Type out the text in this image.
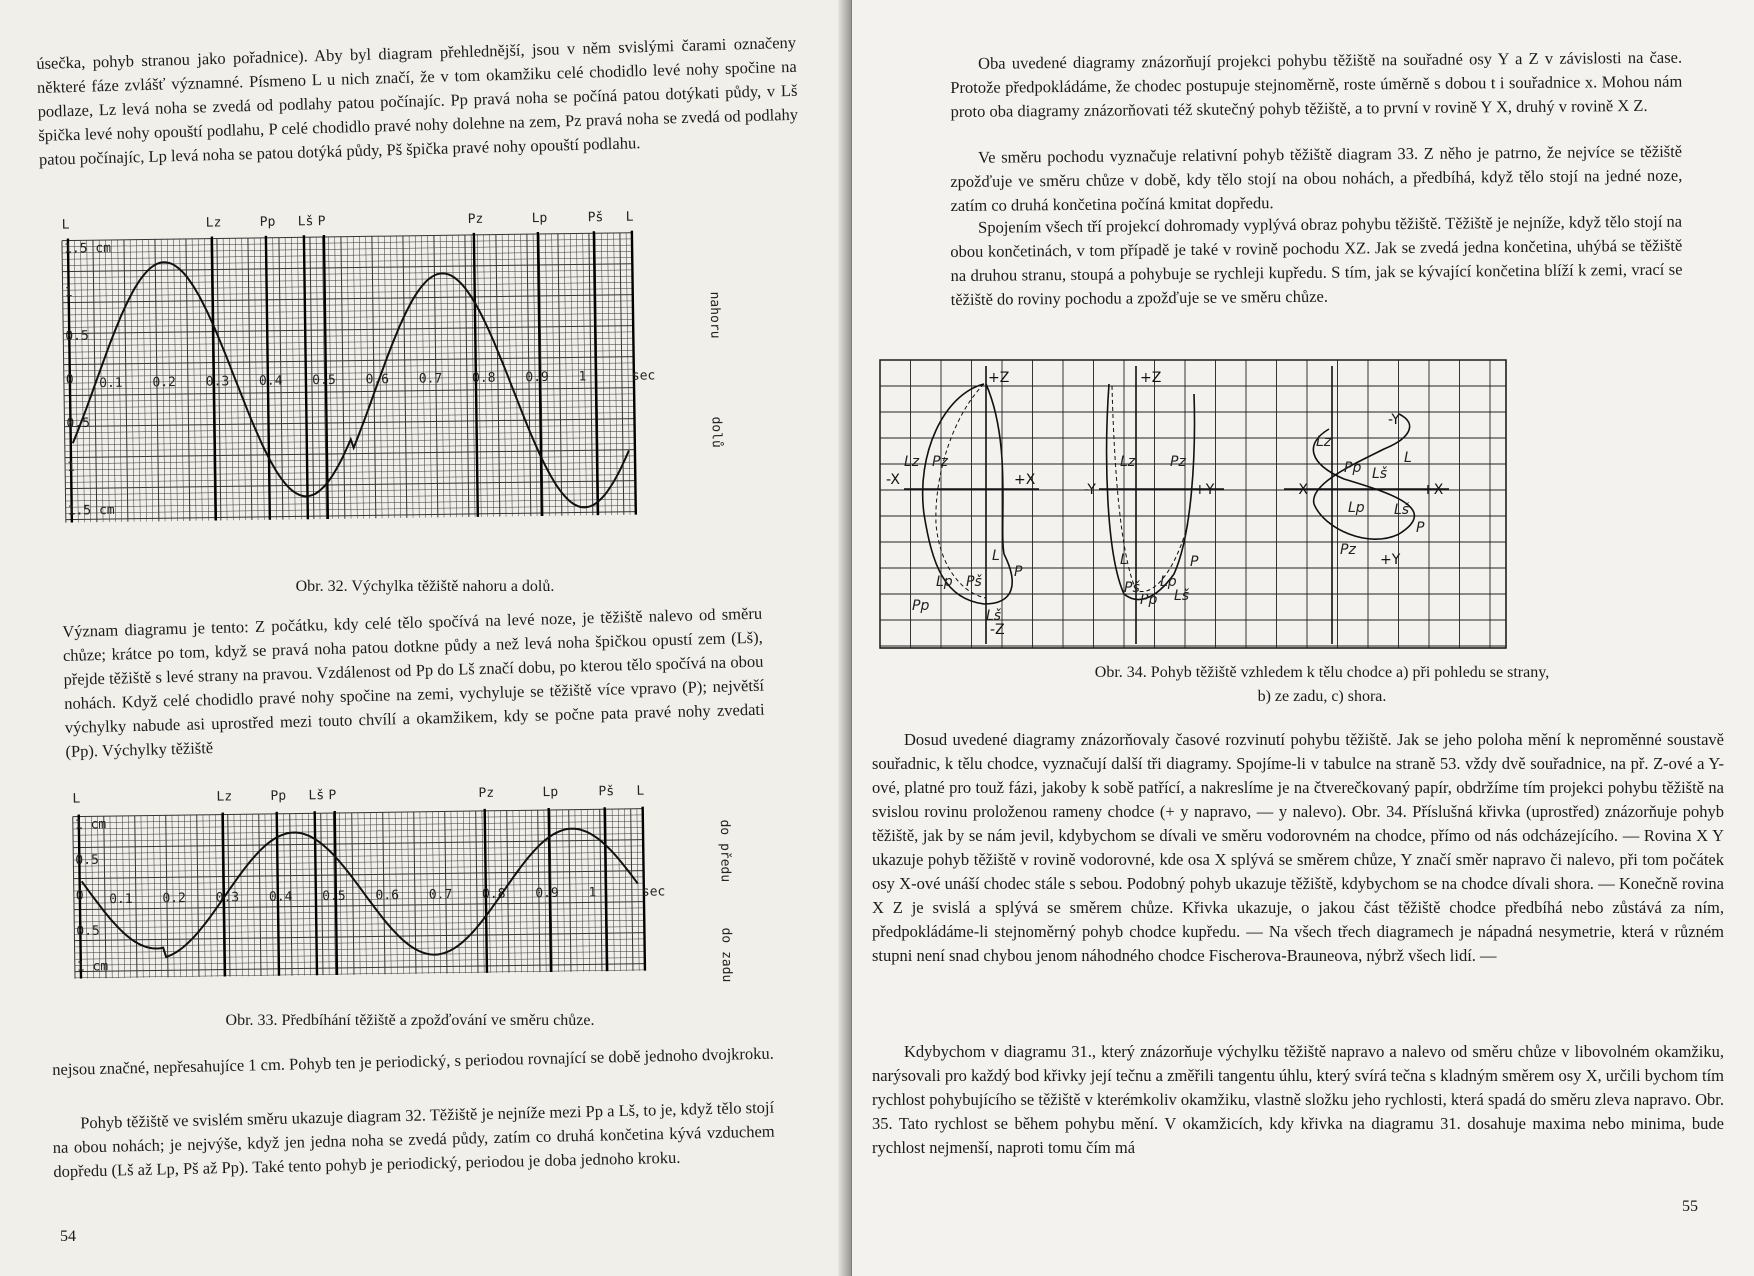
úsečka, pohyb stranou jako pořadnice). Aby byl diagram přehlednější, jsou v něm svislými čarami označeny některé fáze zvlášť významné. Písmeno L u nich značí, že v tom okamžiku celé chodidlo levé nohy spočine na podlaze, Lz levá noha se zvedá od podlahy patou počínajíc. Pp pravá noha se počíná patou dotýkati půdy, v Lš špička levé nohy opouští podlahu, P celé chodidlo pravé nohy dolehne na zem, Pz pravá noha se zvedá od podlahy patou počínajíc, Lp levá noha se patou dotýká půdy, Pš špička pravé nohy opouští podlahu.
L	Lz	Pp Lš P	Pz	Lp	Pš L
0.1 0.2 0.3 0.4 0.5 0.6 0.7 0.8 0.9 1	sec
1.5 cm
1
0.5
0
0.5
1
1.5 cm
nahoru
dolů
Obr. 32. Výchylka těžiště nahoru a dolů.
Význam diagramu je tento: Z počátku, kdy celé tělo spočívá na levé noze, je těžiště nalevo od směru chůze; krátce po tom, když se pravá noha patou dotkne půdy a než levá noha špičkou opustí zem (Lš), přejde těžiště s levé strany na pravou. Vzdálenost od Pp do Lš značí dobu, po kterou tělo spočívá na obou nohách. Když celé chodidlo pravé nohy spočine na zemi, vychyluje se těžiště více vpravo (P); největší výchylky nabude asi uprostřed mezi touto chvílí a okamžikem, kdy se počne pata pravé nohy zvedati (Pp). Výchylky těžiště
L	Lz	Pp Lš P	Pz	Lp	Pš L
0.1 0.2 0.3 0.4 0.5 0.6 0.7 0.8 0.9 1	sec
1 cm
0.5
0
0.5
1 cm
do předu
do zadu
Obr. 33. Předbíhání těžiště a zpožďování ve směru chůze.
nejsou značné, nepřesahujíce 1 cm. Pohyb ten je periodický, s periodou rovnající se době jednoho dvojkroku.
Pohyb těžiště ve svislém směru ukazuje diagram 32. Těžiště je nejníže mezi Pp a Lš, to je, když tělo stojí na obou nohách; je nejvýše, když jen jedna noha se zvedá půdy, zatím co druhá končetina kývá vzduchem dopředu (Lš až Lp, Pš až Pp). Také tento pohyb je periodický, periodou je doba jednoho kroku.
54
Oba uvedené diagramy znázorňují projekci pohybu těžiště na souřadné osy Y a Z v závislosti na čase. Protože předpokládáme, že chodec postupuje stejnoměrně, roste úměrně s dobou t i souřadnice x. Mohou nám proto oba diagramy znázorňovati též skutečný pohyb těžiště, a to první v rovině Y X, druhý v rovině X Z.
Ve směru pochodu vyznačuje relativní pohyb těžiště diagram 33. Z něho je patrno, že nejvíce se těžiště zpožďuje ve směru chůze v době, kdy tělo stojí na obou nohách, a předbíhá, když tělo stojí na jedné noze, zatím co druhá končetina počíná kmitat dopředu.
Spojením všech tří projekcí dohromady vyplývá obraz pohybu těžiště. Těžiště je nejníže, když tělo stojí na obou končetinách, v tom případě je také v rovině pochodu XZ. Jak se zvedá jedna končetina, uhýbá se těžiště na druhou stranu, stoupá a pohybuje se rychleji kupředu. S tím, jak se kývající končetina blíží k zemi, vrací se těžiště do roviny pochodu a zpožďuje se ve směru chůze.
+Z
-X	+X
-Z
Lz Pz
Lp Pš
Lš
P
Pp
L
+Z
-Y	+Y
Lz Pz
Lp
Pš
Pp Lš
P
L
-Y
-X	+X
+Y
Lz
Pp Lš
L
Lp Lš
P
Pz
Obr. 34. Pohyb těžiště vzhledem k tělu chodce a) při pohledu se strany,
b) ze zadu, c) shora.
Dosud uvedené diagramy znázorňovaly časové rozvinutí pohybu těžiště. Jak se jeho poloha mění k neproměnné soustavě souřadnic, k tělu chodce, vyznačují další tři diagramy. Spojíme-li v tabulce na straně 53. vždy dvě souřadnice, na př. Z-ové a Y-ové, platné pro touž fázi, jakoby k sobě patřící, a nakreslíme je na čtverečkovaný papír, obdržíme tím projekci pohybu těžiště na svislou rovinu proloženou rameny chodce (+ y napravo, — y nalevo). Obr. 34. Příslušná křivka (uprostřed) znázorňuje pohyb těžiště, jak by se nám jevil, kdybychom se dívali ve směru vodorovném na chodce, přímo od nás odcházejícího. — Rovina X Y ukazuje pohyb těžiště v rovině vodorovné, kde osa X splývá se směrem chůze, Y značí směr napravo či nalevo, při tom počátek osy X-ové unáší chodec stále s sebou. Podobný pohyb ukazuje těžiště, kdybychom se na chodce dívali shora. — Konečně rovina X Z je svislá a splývá se směrem chůze. Křivka ukazuje, o jakou část těžiště chodce předbíhá nebo zůstává za ním, předpokládáme-li stejnoměrný pohyb chodce kupředu. — Na všech třech diagramech je nápadná nesymetrie, která v různém stupni není snad chybou jenom náhodného chodce Fischerova-Brauneova, nýbrž všech lidí. —
Kdybychom v diagramu 31., který znázorňuje výchylku těžiště napravo a nalevo od směru chůze v libovolném okamžiku, narýsovali pro každý bod křivky její tečnu a změřili tangentu úhlu, který svírá tečna s kladným směrem osy X, určili bychom tím rychlost pohybujícího se těžiště v kterémkoliv okamžiku, vlastně složku jeho rychlosti, která spadá do směru zleva napravo. Obr. 35. Tato rychlost se během pohybu mění. V okamžicích, kdy křivka na diagramu 31. dosahuje maxima nebo minima, bude rychlost nejmenší, naproti tomu čím má
55
